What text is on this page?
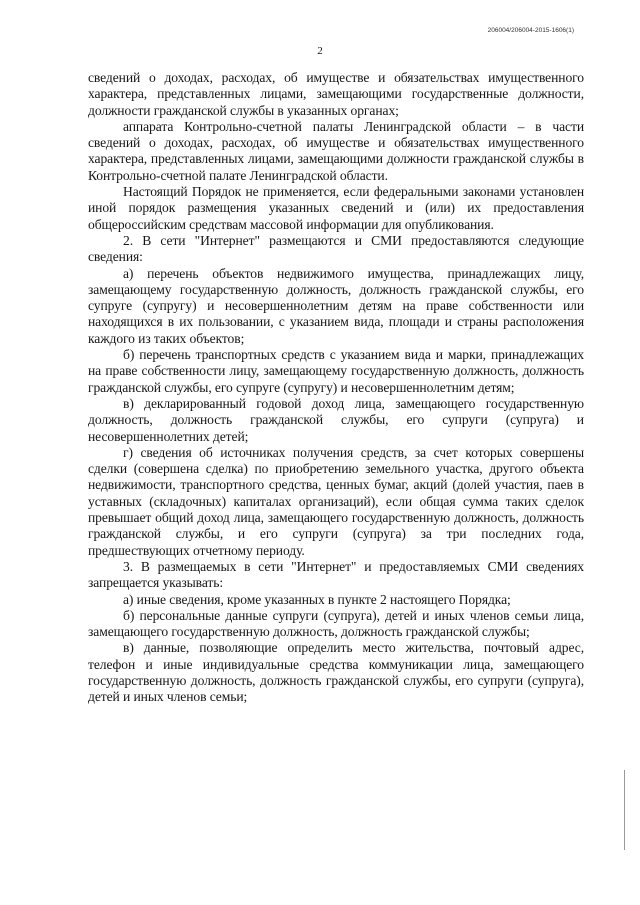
206004/206004-2015-1606(1)
2

сведений о доходах, расходах, об имуществе и обязательствах имущественного характера, представленных лицами, замещающими государственные должности, должности гражданской службы в указанных органах;

аппарата Контрольно-счетной палаты Ленинградской области – в части сведений о доходах, расходах, об имуществе и обязательствах имущественного характера, представленных лицами, замещающими должности гражданской службы в Контрольно-счетной палате Ленинградской области.

Настоящий Порядок не применяется, если федеральными законами установлен иной порядок размещения указанных сведений и (или) их предоставления общероссийским средствам массовой информации для опубликования.

2. В сети "Интернет" размещаются и СМИ предоставляются следующие сведения:

а) перечень объектов недвижимого имущества, принадлежащих лицу, замещающему государственную должность, должность гражданской службы, его супруге (супругу) и несовершеннолетним детям на праве собственности или находящихся в их пользовании, с указанием вида, площади и страны расположения каждого из таких объектов;

б) перечень транспортных средств с указанием вида и марки, принадлежащих на праве собственности лицу, замещающему государственную должность, должность гражданской службы, его супруге (супругу) и несовершеннолетним детям;

в) декларированный годовой доход лица, замещающего государственную должность, должность гражданской службы, его супруги (супруга) и несовершеннолетних детей;

г) сведения об источниках получения средств, за счет которых совершены сделки (совершена сделка) по приобретению земельного участка, другого объекта недвижимости, транспортного средства, ценных бумаг, акций (долей участия, паев в уставных (складочных) капиталах организаций), если общая сумма таких сделок превышает общий доход лица, замещающего государственную должность, должность гражданской службы, и его супруги (супруга) за три последних года, предшествующих отчетному периоду.

3. В размещаемых в сети "Интернет" и предоставляемых СМИ сведениях запрещается указывать:

а) иные сведения, кроме указанных в пункте 2 настоящего Порядка;

б) персональные данные супруги (супруга), детей и иных членов семьи лица, замещающего государственную должность, должность гражданской службы;

в) данные, позволяющие определить место жительства, почтовый адрес, телефон и иные индивидуальные средства коммуникации лица, замещающего государственную должность, должность гражданской службы, его супруги (супруга), детей и иных членов семьи;
